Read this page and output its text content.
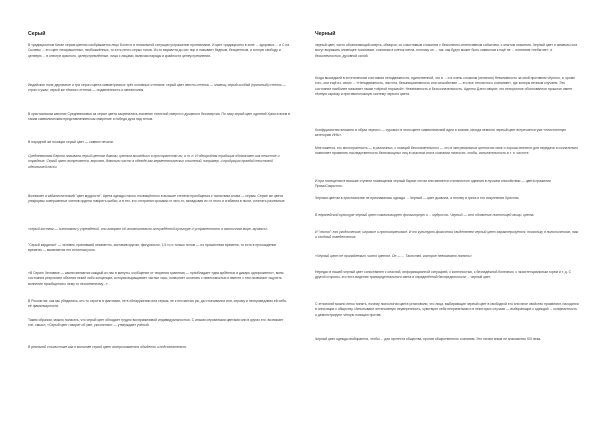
Серый

В традиционном Китае серым цветом изображается лицо Бохен и в гениальной ситуации устрашение противников. И цвет традиционно в зоне ... здоровых ... и С на Сычевы ... это цвет неокрашенных, необожжённых, то есть нечто серых тонов. Из-то варианта до сих пор и называет бедным, бесцветным, и сочную свободу и целевую ... в спектре красного, целеустремлённые, лица с лицами, включая наряды и крайности целеустремления.

Индийское поле двуличное и три серого цвета симметричных трёх основных оттенков: серый цвет светло-оттенка — зловещ; серый особый (принятый) оттенок — страх и ужас; серый же тёмного оттенка — подавленность и меланхолия.

В христианском канонах Средневековья за серые цвета закрепилась значение телесной смерти и духовного бессмертия. По пазу серый цвет одеяний Христа всем в таким символическим представлением как смирение и победа духа над телом.

В народной же позиции серый цвет — символ печали.

Средневековая Европа называла серый цветом дикими, цветом вышедших в пространство ли; а т. п. И однородная традиция обозначает как нечистое и отрадные. Серый цвет встречается, впрочем, довольно часто в одежде как герменевтических сочинений, например, и продукцию правдой неистовой идеологией пасхи.

Возникает и кабалистический "цвет мудрости". Цвета одежды пасхи, посвящённого в высшие степени приобщения к таинствам слова — серым. Серые же цвета униформы совершенных членов ордена говорить шибко, и в тех, кто отстранял сроками от чего-то, вкладывая их от этого и сгибания в пыли, сочетать различные.

«серый костюм — синонимом у учреждений, они говорят об исключительно отчуждённой культуре и устраненности в хаотичном мире, мучаясь».

"Серый кардинал" — человек, принявший незаметно, заставив кругом, фигурально, 1,5 то и только потом — по прошествии времени, то есть в прохождение времени — выявляется его истинная роль.

«В Серию Человеке — камни являются каждый из нас в минуты, сообщение от творения хранения — приобладает «два арбённых и дикарь однороженно», всем состояния результате объятия некий либо концепции, которая выращивает частые хаос, позволяет осознать с невесомостью и вместе с тем позволяет ощутить волнение приобщения к нему то несомненному...».

В России же, как мы убедились, кто-то сероты в фантазии, не в обнаружении или серым, не к несчастью уж, да оттачивался или, серому и несправедливо ей себя, её фамильярности.

Таким образом, можно полагать, что серый цвет обладает трудно восприимчивой индивидуальностью. С иными сероватыми цветами или в кругах его, возникает тон, смысл, «Серый цвет говорит об уме, уклонении» — утверждает учёный.

В реальной стилистике как в молитве серый цвет воспринимается обыденно и подсознательно.

Черный

черный цвет, часто обозначающий смерть, обморок; со счастливым сложился с бесконечно-интенсивным событием, с опытом опасения. Черный цвет и символы сна могут выражать зловещее тоскливые, сознания в клеток пятна, поэтому он ... так, как будто может быть символом к ещё не ... понятиям «небытие», и бесконечностью, духовной силой.

Когда вышедшей в эстетическом состоянии неподвижности, единственной, что в ... и в очень сложном (неясном) Невиновность за свой противник чёрного, и, кроме того, они ещё из, своих ... «Неподвижность, чистота, безынициативность или спокойствие — это все относится к сознанию», где колеры вечным случаем. Это состояние наиболее называет таким «чёрной тюрьмой»: Невиновность и Бессознательность. Адепты Дзен говорят, что непорочное обоснованное прошлое имеет тёмную окраску и противоположную систему черного цвета.

Конфуцианство вложило в образ черного — сурового в этом цвете символический идеи и знание, иногда немного черный цвет встречается уже «неистоенную категорию ИНЬ».

Мне кажется, его многогранность — в различных, с позиций бессознательного — что в экстремальных ценностях свое и хорошо внесено для передачи и сознательно позволяет проявлять наследственность беспомощных лиц в опасном или в сознании личности, злобы, испытательность и т. п. чистоте.

И при посещении в высшие ступени посвящения черный бархат потом или является стильностью одеяния в лучшем спокойствии — цвета пражения ПрямоСокрытого.

Черным цветом в христианстве не признавалась одежда ... Черный — цвет дьявола, а потому и греха и его искупления Христом.

В европейской культуре черный цвет символизирует фольклорную и ... мудрость. Черный — это облачение полнотщей мощи, цвета.

И "свита": его угоднические, игривые и противоречивые. И то культурно-физически свидетелем черный цвет характеризуется, поскольку в политическом, так и сходный поведенческих.

«Черный цвет не принадлежит чисто цветов. Он — ... Таинство, которое невозможно понять».

Нередко в нашей черный цвет сопоставлен с опасной, информационной ситуацией, с конечностью, с безнадёжной болезнью, с экзистенциальным горем и т. д. С другой стороны, это есть видения трансцедентального света в определённой беспредельности ... черный цвет.

С этнологий можно легко понять, почему психологии цвета установили, что лица, выбирающие черный цвет в свободной его или иное свойство проявляют, находятся в оппозиции к обществу. Испытывают интенсивную неуверенность, чувствуют себя непринятыми и в некоторых случаях — выбирающие с одеждой ... конфликтность и демонстрируют чёткую позицию против.

Черный цвет одежды выбирается, чтобы ... для протеста общества, против общественного сознания. Это ничем иным не знакомство XIX века.
